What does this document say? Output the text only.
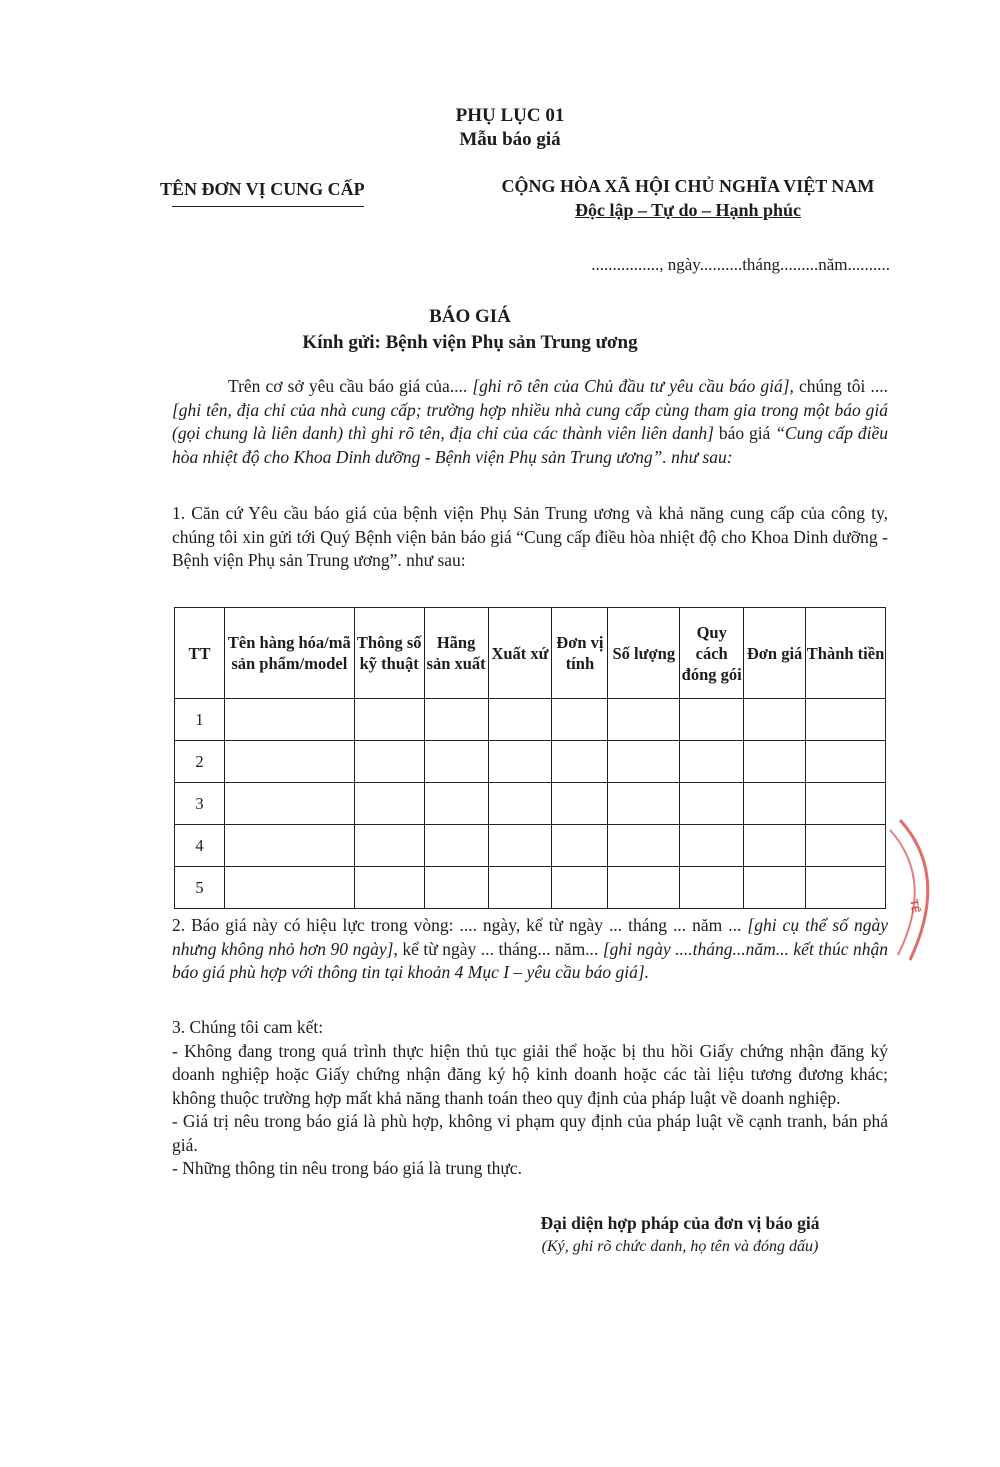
PHỤ LỤC 01
Mẫu báo giá
TÊN ĐƠN VỊ CUNG CẤP	CỘNG HÒA XÃ HỘI CHỦ NGHĨA VIỆT NAM
Độc lập – Tự do – Hạnh phúc
................, ngày..........tháng.........năm..........
BÁO GIÁ
Kính gửi: Bệnh viện Phụ sản Trung ương
Trên cơ sở yêu cầu báo giá của.... [ghi rõ tên của Chủ đầu tư yêu cầu báo giá], chúng tôi .... [ghi tên, địa chỉ của nhà cung cấp; trường hợp nhiều nhà cung cấp cùng tham gia trong một báo giá (gọi chung là liên danh) thì ghi rõ tên, địa chỉ của các thành viên liên danh] báo giá “Cung cấp điều hòa nhiệt độ cho Khoa Dinh dưỡng - Bệnh viện Phụ sản Trung ương”. như sau:
1. Căn cứ Yêu cầu báo giá của bệnh viện Phụ Sản Trung ương và khả năng cung cấp của công ty, chúng tôi xin gửi tới Quý Bệnh viện bản báo giá “Cung cấp điều hòa nhiệt độ cho Khoa Dinh dưỡng - Bệnh viện Phụ sản Trung ương”. như sau:
TT	Tên hàng hóa/mã sản phẩm/model	Thông số kỹ thuật	Hãng sản xuất	Xuất xứ	Đơn vị tính	Số lượng	Quy cách đóng gói	Đơn giá	Thành tiền
1									
2									
3									
4									
5									
2. Báo giá này có hiệu lực trong vòng: .... ngày, kể từ ngày ... tháng ... năm ... [ghi cụ thể số ngày nhưng không nhỏ hơn 90 ngày], kể từ ngày ... tháng... năm... [ghi ngày ....tháng...năm... kết thúc nhận báo giá phù hợp với thông tin tại khoản 4 Mục I – yêu cầu báo giá].
3. Chúng tôi cam kết:
- Không đang trong quá trình thực hiện thủ tục giải thể hoặc bị thu hồi Giấy chứng nhận đăng ký doanh nghiệp hoặc Giấy chứng nhận đăng ký hộ kinh doanh hoặc các tài liệu tương đương khác; không thuộc trường hợp mất khả năng thanh toán theo quy định của pháp luật về doanh nghiệp.
- Giá trị nêu trong báo giá là phù hợp, không vi phạm quy định của pháp luật về cạnh tranh, bán phá giá.
- Những thông tin nêu trong báo giá là trung thực.
Đại diện hợp pháp của đơn vị báo giá
(Ký, ghi rõ chức danh, họ tên và đóng dấu)
TẾ
